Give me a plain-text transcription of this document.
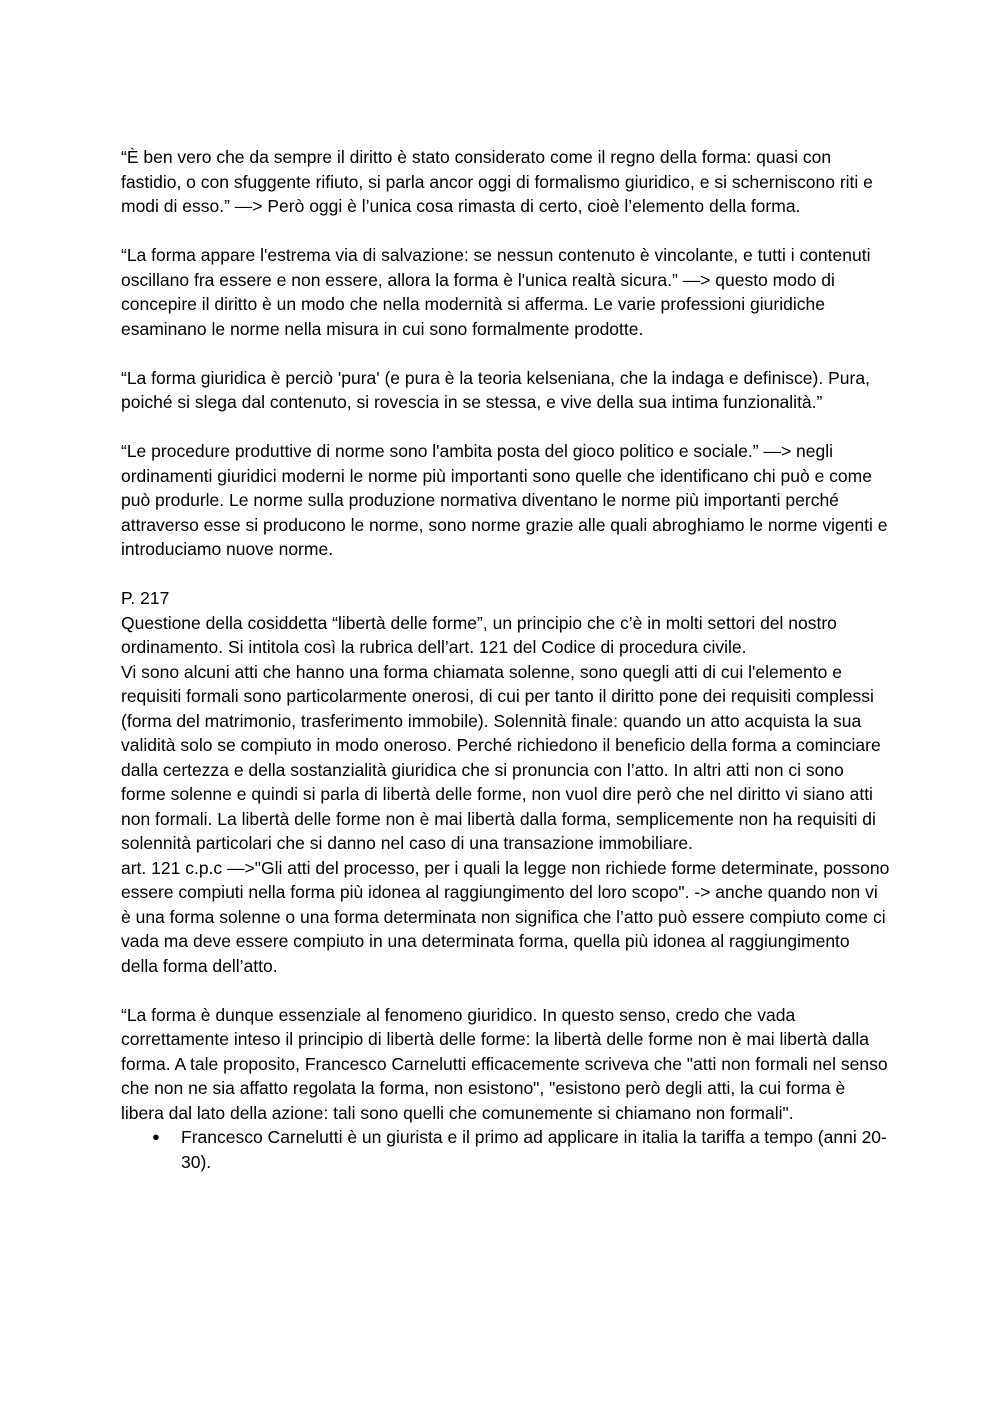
“È ben vero che da sempre il diritto è stato considerato come il regno della forma: quasi con fastidio, o con sfuggente rifiuto, si parla ancor oggi di formalismo giuridico, e si scherniscono riti e modi di esso.” —> Però oggi è l’unica cosa rimasta di certo, cioè l’elemento della forma.

“La forma appare l'estrema via di salvazione: se nessun contenuto è vincolante, e tutti i contenuti oscillano fra essere e non essere, allora la forma è l'unica realtà sicura.” —> questo modo di concepire il diritto è un modo che nella modernità si afferma. Le varie professioni giuridiche esaminano le norme nella misura in cui sono formalmente prodotte.

“La forma giuridica è perciò 'pura' (e pura è la teoria kelseniana, che la indaga e definisce). Pura, poiché si slega dal contenuto, si rovescia in se stessa, e vive della sua intima funzionalità.”

“Le procedure produttive di norme sono l'ambita posta del gioco politico e sociale.” —> negli ordinamenti giuridici moderni le norme più importanti sono quelle che identificano chi può e come può produrle. Le norme sulla produzione normativa diventano le norme più importanti perché attraverso esse si producono le norme, sono norme grazie alle quali abroghiamo le norme vigenti e introduciamo nuove norme.

P. 217

Questione della cosiddetta “libertà delle forme”, un principio che c’è in molti settori del nostro ordinamento. Si intitola così la rubrica dell’art. 121 del Codice di procedura civile.

Vi sono alcuni atti che hanno una forma chiamata solenne, sono quegli atti di cui l'elemento e requisiti formali sono particolarmente onerosi, di cui per tanto il diritto pone dei requisiti complessi (forma del matrimonio, trasferimento immobile). Solennità finale: quando un atto acquista la sua validità solo se compiuto in modo oneroso. Perché richiedono il beneficio della forma a cominciare dalla certezza e della sostanzialità giuridica che si pronuncia con l’atto. In altri atti non ci sono forme solenne e quindi si parla di libertà delle forme, non vuol dire però che nel diritto vi siano atti non formali. La libertà delle forme non è mai libertà dalla forma, semplicemente non ha requisiti di solennità particolari che si danno nel caso di una transazione immobiliare.

art. 121 c.p.c —>"Gli atti del processo, per i quali la legge non richiede forme determinate, possono essere compiuti nella forma più idonea al raggiungimento del loro scopo". -> anche quando non vi è una forma solenne o una forma determinata non significa che l’atto può essere compiuto come ci vada ma deve essere compiuto in una determinata forma, quella più idonea al raggiungimento della forma dell’atto.

“La forma è dunque essenziale al fenomeno giuridico. In questo senso, credo che vada correttamente inteso il principio di libertà delle forme: la libertà delle forme non è mai libertà dalla forma. A tale proposito, Francesco Carnelutti efficacemente scriveva che "atti non formali nel senso che non ne sia affatto regolata la forma, non esistono", "esistono però degli atti, la cui forma è libera dal lato della azione: tali sono quelli che comunemente si chiamano non formali".

● Francesco Carnelutti è un giurista e il primo ad applicare in italia la tariffa a tempo (anni 20-30).
